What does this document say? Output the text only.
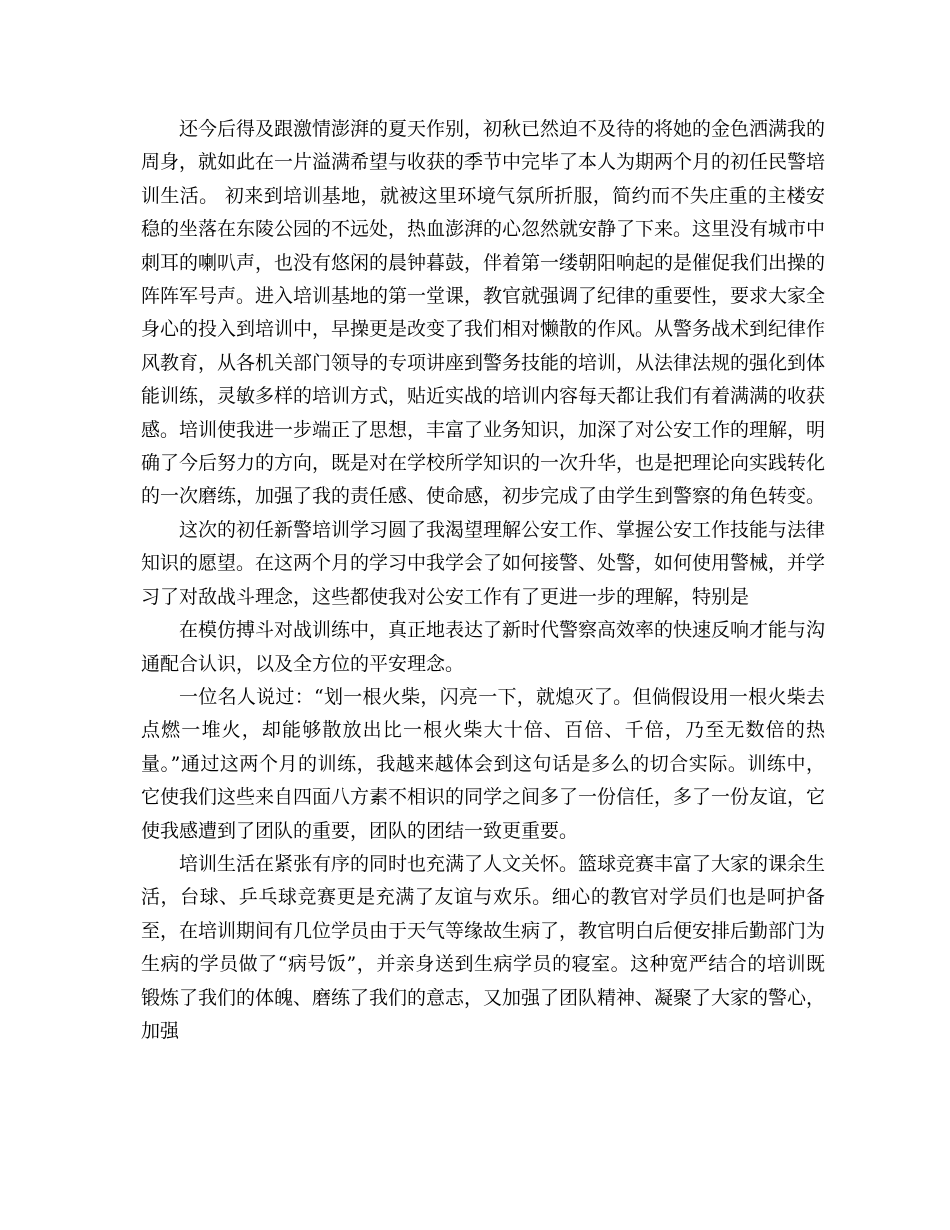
还今后得及跟激情澎湃的夏天作别，初秋已然迫不及待的将她的金色洒满我的周身，就如此在一片溢满希望与收获的季节中完毕了本人为期两个月的初任民警培训生活。 初来到培训基地，就被这里环境气氛所折服，简约而不失庄重的主楼安稳的坐落在东陵公园的不远处，热血澎湃的心忽然就安静了下来。这里没有城市中刺耳的喇叭声，也没有悠闲的晨钟暮鼓，伴着第一缕朝阳响起的是催促我们出操的阵阵军号声。进入培训基地的第一堂课，教官就强调了纪律的重要性，要求大家全身心的投入到培训中，早操更是改变了我们相对懒散的作风。从警务战术到纪律作风教育，从各机关部门领导的专项讲座到警务技能的培训，从法律法规的强化到体能训练，灵敏多样的培训方式，贴近实战的培训内容每天都让我们有着满满的收获感。培训使我进一步端正了思想，丰富了业务知识，加深了对公安工作的理解，明确了今后努力的方向，既是对在学校所学知识的一次升华，也是把理论向实践转化的一次磨练，加强了我的责任感、使命感，初步完成了由学生到警察的角色转变。

这次的初任新警培训学习圆了我渴望理解公安工作、掌握公安工作技能与法律知识的愿望。在这两个月的学习中我学会了如何接警、处警，如何使用警械，并学习了对敌战斗理念，这些都使我对公安工作有了更进一步的理解，特别是

在模仿搏斗对战训练中，真正地表达了新时代警察高效率的快速反响才能与沟通配合认识，以及全方位的平安理念。

一位名人说过：“划一根火柴，闪亮一下，就熄灭了。但倘假设用一根火柴去点燃一堆火，却能够散放出比一根火柴大十倍、百倍、千倍，乃至无数倍的热量。”通过这两个月的训练，我越来越体会到这句话是多么的切合实际。训练中，它使我们这些来自四面八方素不相识的同学之间多了一份信任，多了一份友谊，它使我感遭到了团队的重要，团队的团结一致更重要。

培训生活在紧张有序的同时也充满了人文关怀。篮球竞赛丰富了大家的课余生活，台球、乒乓球竞赛更是充满了友谊与欢乐。细心的教官对学员们也是呵护备至，在培训期间有几位学员由于天气等缘故生病了，教官明白后便安排后勤部门为生病的学员做了“病号饭”，并亲身送到生病学员的寝室。这种宽严结合的培训既锻炼了我们的体魄、磨练了我们的意志，又加强了团队精神、凝聚了大家的警心，加强
